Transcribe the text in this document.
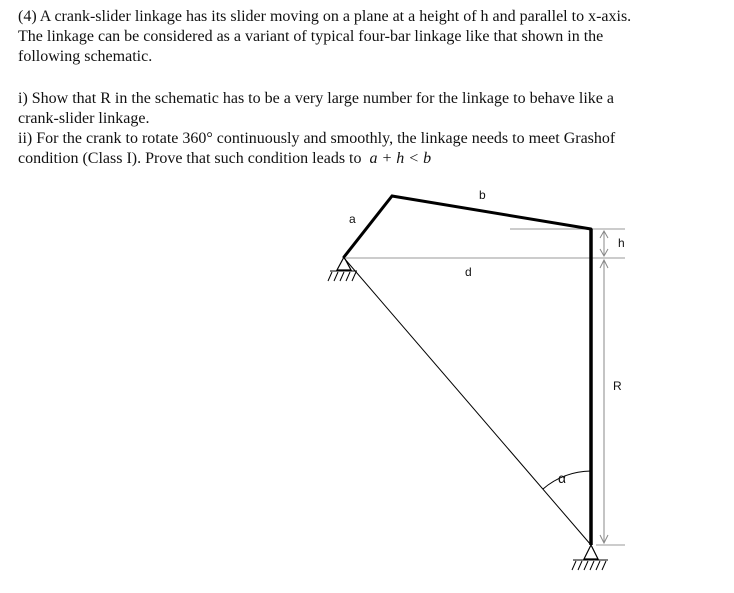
(4) A crank-slider linkage has its slider moving on a plane at a height of h and parallel to x-axis.

The linkage can be considered as a variant of typical four-bar linkage like that shown in the

following schematic.

i) Show that R in the schematic has to be a very large number for the linkage to behave like a

crank-slider linkage.

ii) For the crank to rotate 360° continuously and smoothly, the linkage needs to meet Grashof

condition (Class I). Prove that such condition leads to a + h < b

a
b
d
h
R
α
